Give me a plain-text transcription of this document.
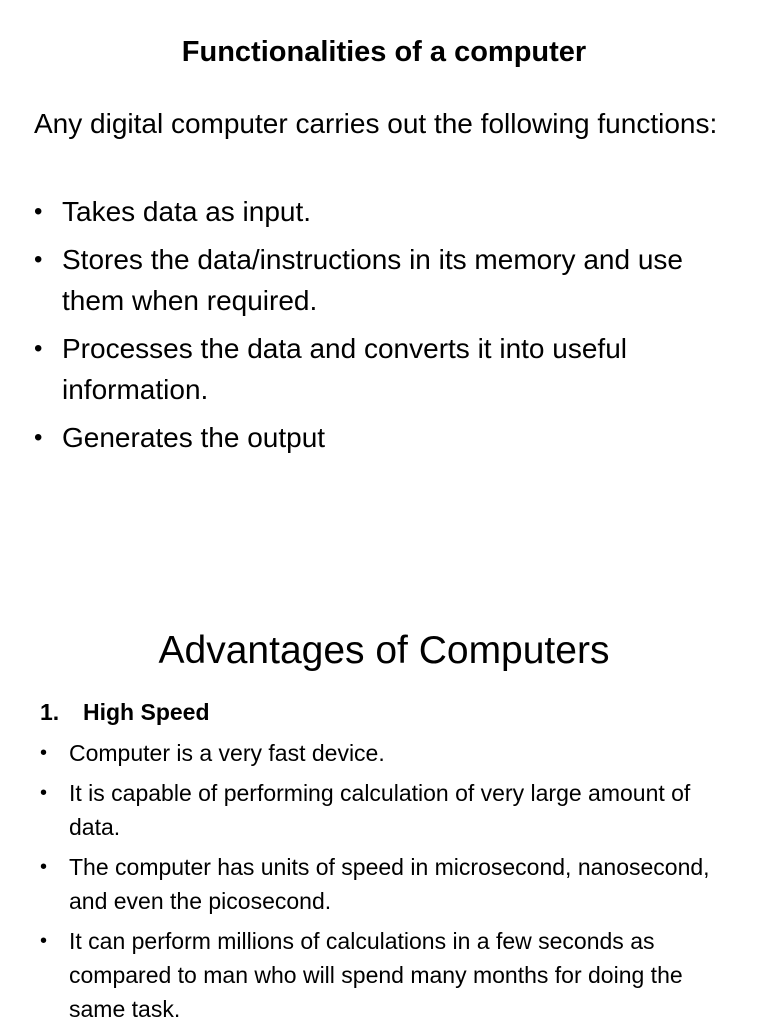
Functionalities of a computer
Any digital computer carries out the following functions:
• Takes data as input.
• Stores the data/instructions in its memory and use them when required.
• Processes the data and converts it into useful information.
• Generates the output
Advantages of Computers
1. High Speed
• Computer is a very fast device.
• It is capable of performing calculation of very large amount of data.
• The computer has units of speed in microsecond, nanosecond, and even the picosecond.
• It can perform millions of calculations in a few seconds as compared to man who will spend many months for doing the same task.
